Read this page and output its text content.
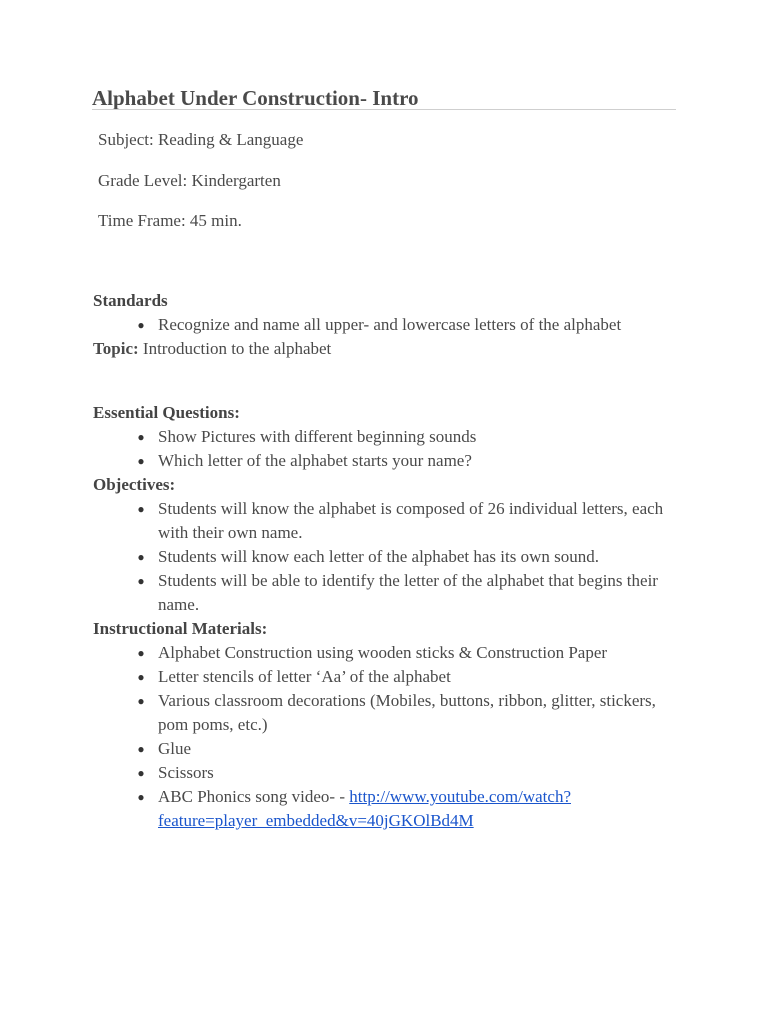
Alphabet Under Construction- Intro
Subject: Reading & Language
Grade Level: Kindergarten
Time Frame: 45 min.
Standards
● Recognize and name all upper- and lowercase letters of the alphabet
Topic: Introduction to the alphabet
Essential Questions:
● Show Pictures with different beginning sounds
● Which letter of the alphabet starts your name?
Objectives:
● Students will know the alphabet is composed of 26 individual letters, each with their own name.
● Students will know each letter of the alphabet has its own sound.
● Students will be able to identify the letter of the alphabet that begins their name.
Instructional Materials:
● Alphabet Construction using wooden sticks & Construction Paper
● Letter stencils of letter ‘Aa’ of the alphabet
● Various classroom decorations (Mobiles, buttons, ribbon, glitter, stickers, pom poms, etc.)
● Glue
● Scissors
● ABC Phonics song video- - http://www.youtube.com/watch?feature=player_embedded&v=40jGKOlBd4M
